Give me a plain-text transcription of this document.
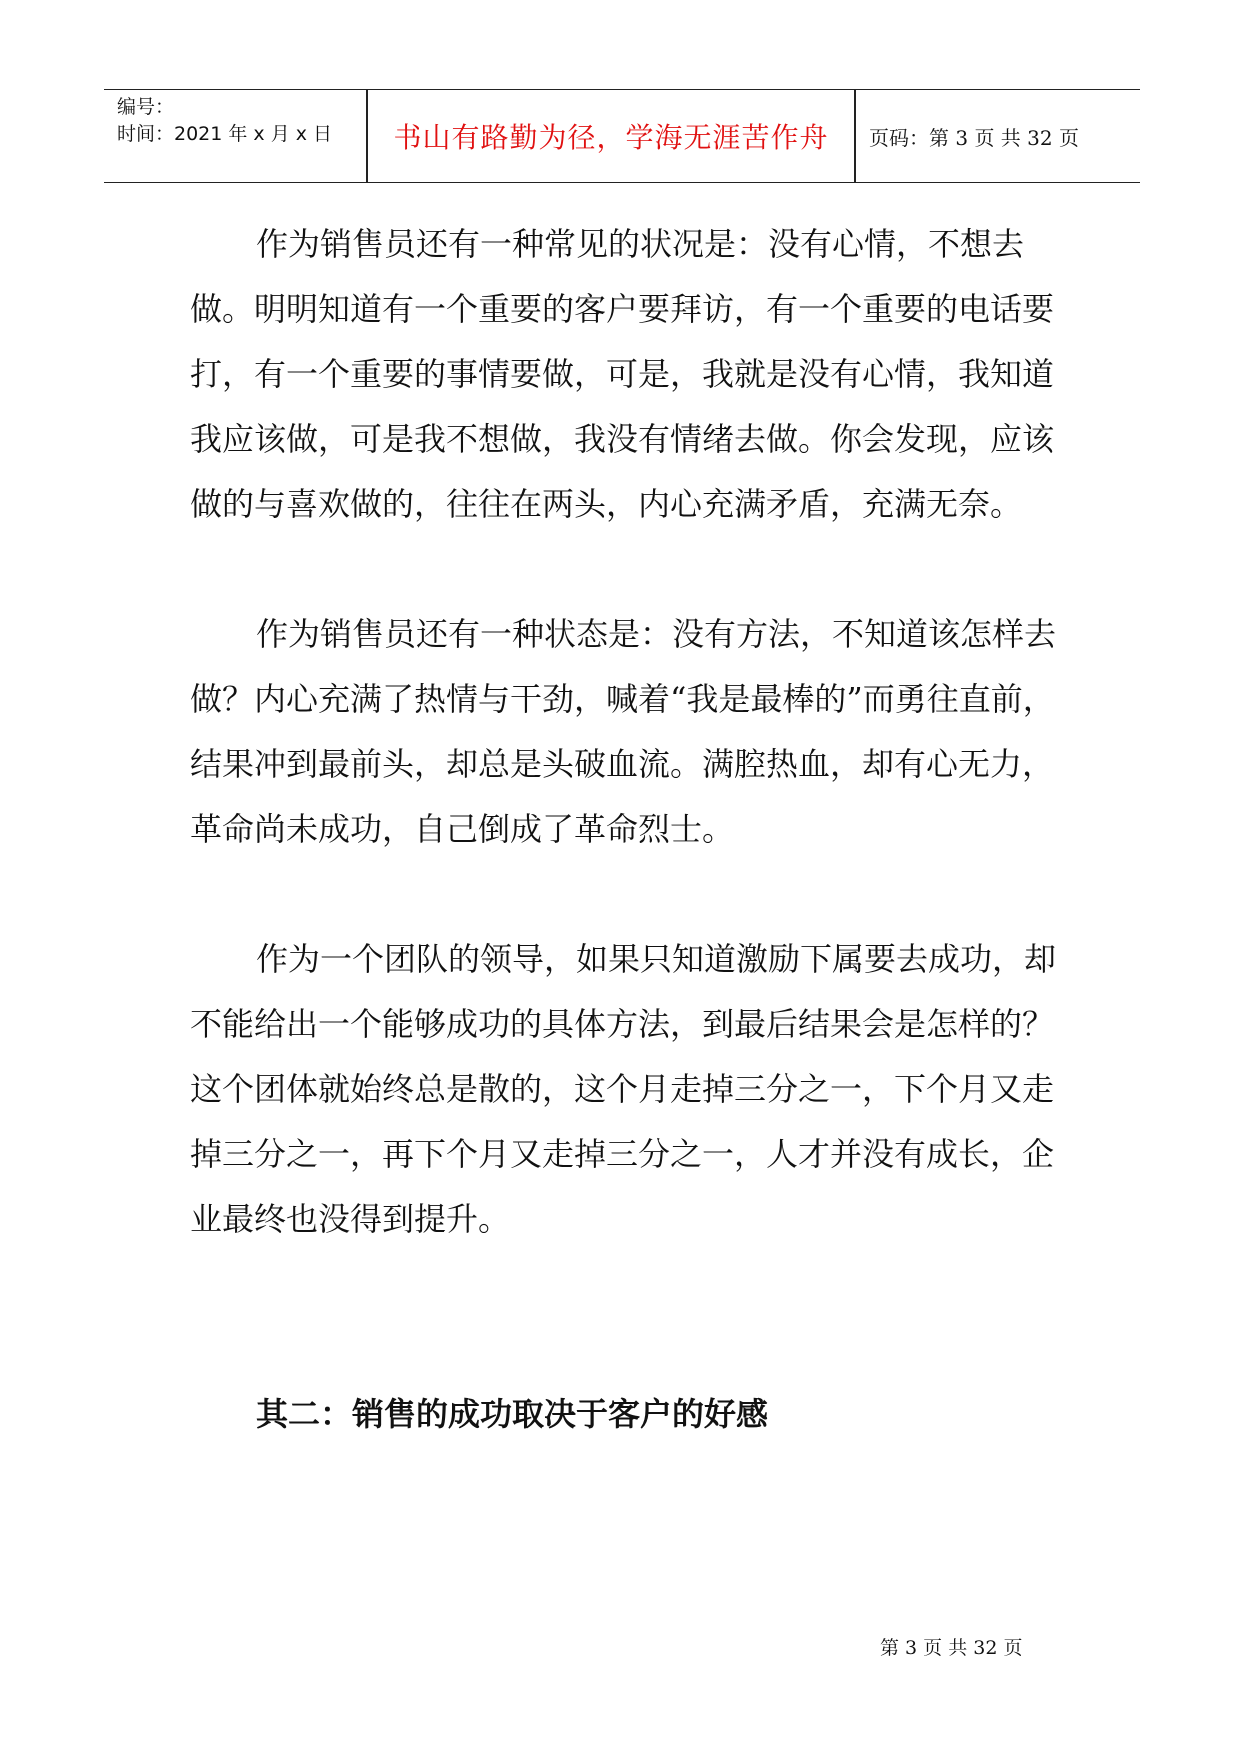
编号：
时间：2021 年 x 月 x 日	书山有路勤为径，学海无涯苦作舟	页码：第 3 页 共 32 页

作为销售员还有一种常见的状况是：没有心情，不想去做。明明知道有一个重要的客户要拜访，有一个重要的电话要打，有一个重要的事情要做，可是，我就是没有心情，我知道我应该做，可是我不想做，我没有情绪去做。你会发现，应该做的与喜欢做的，往往在两头，内心充满矛盾，充满无奈。

作为销售员还有一种状态是：没有方法，不知道该怎样去做？内心充满了热情与干劲，喊着“我是最棒的”而勇往直前，结果冲到最前头，却总是头破血流。满腔热血，却有心无力，革命尚未成功，自己倒成了革命烈士。

作为一个团队的领导，如果只知道激励下属要去成功，却不能给出一个能够成功的具体方法，到最后结果会是怎样的？这个团体就始终总是散的，这个月走掉三分之一，下个月又走掉三分之一，再下个月又走掉三分之一，人才并没有成长，企业最终也没得到提升。

其二：销售的成功取决于客户的好感

第 3 页 共 32 页
